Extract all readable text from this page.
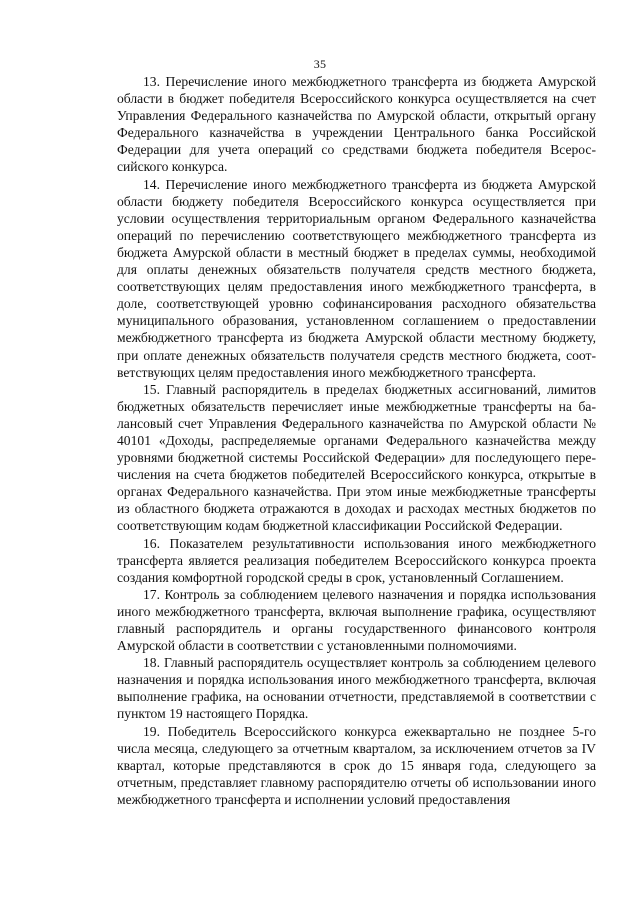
35

13. Перечисление иного межбюджетного трансферта из бюджета Амурской области в бюджет победителя Всероссийского конкурса осуществляется на счет Управления Федерального казначейства по Амурской области, открытый органу Федерального казначейства в учреждении Центрального банка Российской Федерации для учета операций со средствами бюджета победителя Всероссийского конкурса.

14. Перечисление иного межбюджетного трансферта из бюджета Амурской области бюджету победителя Всероссийского конкурса осуществляется при условии осуществления территориальным органом Федерального казначейства операций по перечислению соответствующего межбюджетного трансферта из бюджета Амурской области в местный бюджет в пределах суммы, необходимой для оплаты денежных обязательств получателя средств местного бюджета, соответствующих целям предоставления иного межбюджетного трансферта, в доле, соответствующей уровню софинансирования расходного обязательства муниципального образования, установленном соглашением о предоставлении межбюджетного трансферта из бюджета Амурской области местному бюджету, при оплате денежных обязательств получателя средств местного бюджета, соответствующих целям предоставления иного межбюджетного трансферта.

15. Главный распорядитель в пределах бюджетных ассигнований, лимитов бюджетных обязательств перечисляет иные межбюджетные трансферты на балансовый счет Управления Федерального казначейства по Амурской области № 40101 «Доходы, распределяемые органами Федерального казначейства между уровнями бюджетной системы Российской Федерации» для последующего перечисления на счета бюджетов победителей Всероссийского конкурса, открытые в органах Федерального казначейства. При этом иные межбюджетные трансферты из областного бюджета отражаются в доходах и расходах местных бюджетов по соответствующим кодам бюджетной классификации Российской Федерации.

16. Показателем результативности использования иного межбюджетного трансферта является реализация победителем Всероссийского конкурса проекта создания комфортной городской среды в срок, установленный Соглашением.

17. Контроль за соблюдением целевого назначения и порядка использования иного межбюджетного трансферта, включая выполнение графика, осуществляют главный распорядитель и органы государственного финансового контроля Амурской области в соответствии с установленными полномочиями.

18. Главный распорядитель осуществляет контроль за соблюдением целевого назначения и порядка использования иного межбюджетного трансферта, включая выполнение графика, на основании отчетности, представляемой в соответствии с пунктом 19 настоящего Порядка.

19. Победитель Всероссийского конкурса ежеквартально не позднее 5-го числа месяца, следующего за отчетным кварталом, за исключением отчетов за IV квартал, которые представляются в срок до 15 января года, следующего за отчетным, представляет главному распорядителю отчеты об использовании иного межбюджетного трансферта и исполнении условий предоставления
